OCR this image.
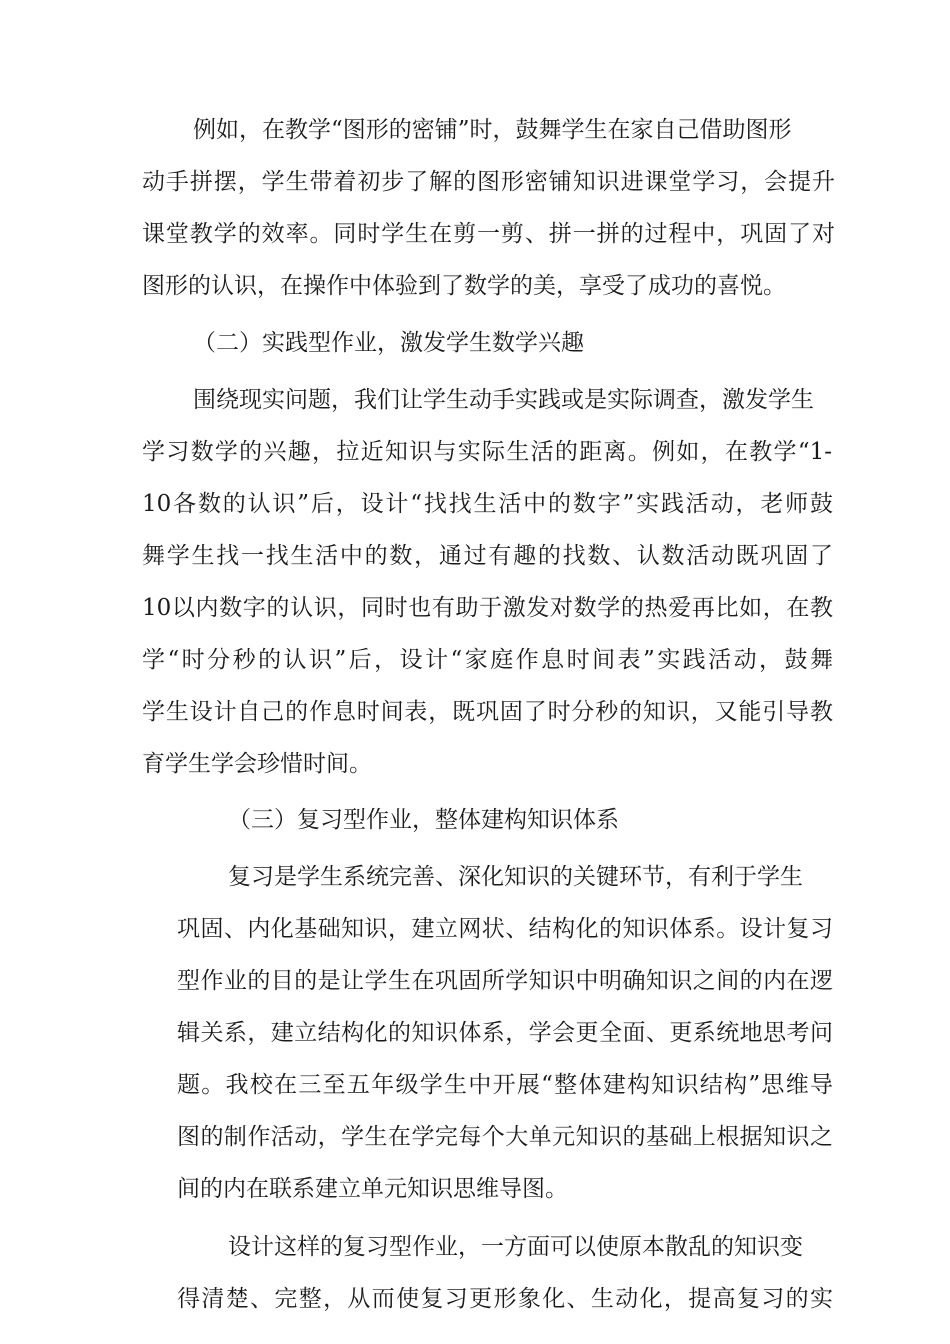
例如，在教学“图形的密铺”时，鼓舞学生在家自己借助图形
动手拼摆，学生带着初步了解的图形密铺知识进课堂学习，会提升
课堂教学的效率。同时学生在剪一剪、拼一拼的过程中，巩固了对
图形的认识，在操作中体验到了数学的美，享受了成功的喜悦。
（二）实践型作业，激发学生数学兴趣
围绕现实问题，我们让学生动手实践或是实际调查，激发学生
学习数学的兴趣，拉近知识与实际生活的距离。例如，在教学“1-
10各数的认识”后，设计“找找生活中的数字”实践活动，老师鼓
舞学生找一找生活中的数，通过有趣的找数、认数活动既巩固了
10以内数字的认识，同时也有助于激发对数学的热爱再比如，在教
学“时分秒的认识”后，设计“家庭作息时间表”实践活动，鼓舞
学生设计自己的作息时间表，既巩固了时分秒的知识，又能引导教
育学生学会珍惜时间。
（三）复习型作业，整体建构知识体系
复习是学生系统完善、深化知识的关键环节，有利于学生
巩固、内化基础知识，建立网状、结构化的知识体系。设计复习
型作业的目的是让学生在巩固所学知识中明确知识之间的内在逻
辑关系，建立结构化的知识体系，学会更全面、更系统地思考问
题。我校在三至五年级学生中开展“整体建构知识结构”思维导
图的制作活动，学生在学完每个大单元知识的基础上根据知识之
间的内在联系建立单元知识思维导图。
设计这样的复习型作业，一方面可以使原本散乱的知识变
得清楚、完整，从而使复习更形象化、生动化，提高复习的实
